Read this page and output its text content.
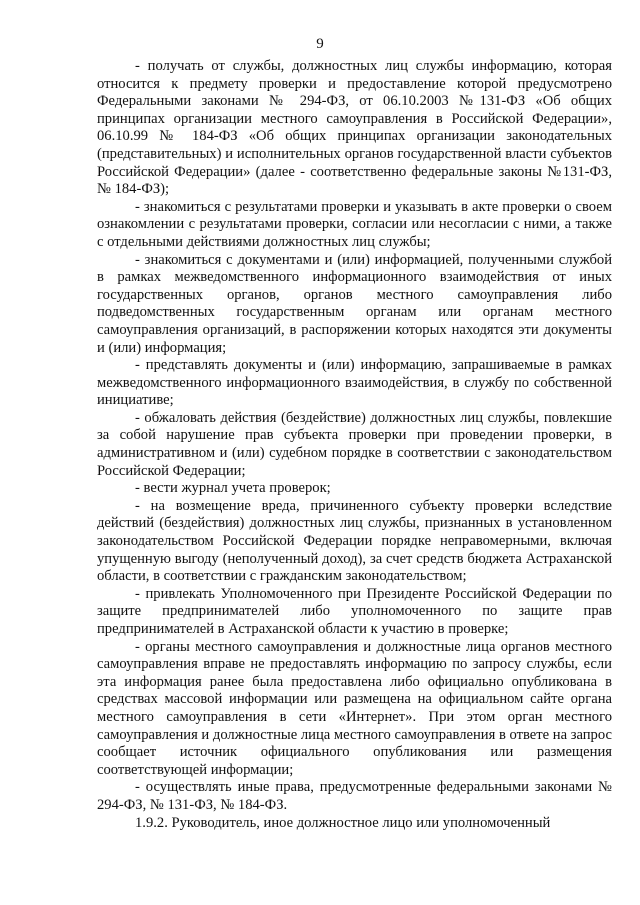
9

- получать от службы, должностных лиц службы информацию, которая относится к предмету проверки и предоставление которой предусмотрено Федеральными законами № 294-ФЗ, от 06.10.2003 №131-ФЗ «Об общих принципах организации местного самоуправления в Российской Федерации», 06.10.99 № 184-ФЗ «Об общих принципах организации законодательных (представительных) и исполнительных органов государственной власти субъектов Российской Федерации» (далее - соответственно федеральные законы №131-ФЗ, № 184-ФЗ);

- знакомиться с результатами проверки и указывать в акте проверки о своем ознакомлении с результатами проверки, согласии или несогласии с ними, а также с отдельными действиями должностных лиц службы;

- знакомиться с документами и (или) информацией, полученными службой в рамках межведомственного информационного взаимодействия от иных государственных органов, органов местного самоуправления либо подведомственных государственным органам или органам местного самоуправления организаций, в распоряжении которых находятся эти документы и (или) информация;

- представлять документы и (или) информацию, запрашиваемые в рамках межведомственного информационного взаимодействия, в службу по собственной инициативе;

- обжаловать действия (бездействие) должностных лиц службы, повлекшие за собой нарушение прав субъекта проверки при проведении проверки, в административном и (или) судебном порядке в соответствии с законодательством Российской Федерации;

- вести журнал учета проверок;

- на возмещение вреда, причиненного субъекту проверки вследствие действий (бездействия) должностных лиц службы, признанных в установленном законодательством Российской Федерации порядке неправомерными, включая упущенную выгоду (неполученный доход), за счет средств бюджета Астраханской области, в соответствии с гражданским законодательством;

- привлекать Уполномоченного при Президенте Российской Федерации по защите предпринимателей либо уполномоченного по защите прав предпринимателей в Астраханской области к участию в проверке;

- органы местного самоуправления и должностные лица органов местного самоуправления вправе не предоставлять информацию по запросу службы, если эта информация ранее была предоставлена либо официально опубликована в средствах массовой информации или размещена на официальном сайте органа местного самоуправления в сети «Интернет». При этом орган местного самоуправления и должностные лица местного самоуправления в ответе на запрос сообщает источник официального опубликования или размещения соответствующей информации;

- осуществлять иные права, предусмотренные федеральными законами № 294-ФЗ, № 131-ФЗ, № 184-ФЗ.

1.9.2. Руководитель, иное должностное лицо или уполномоченный
